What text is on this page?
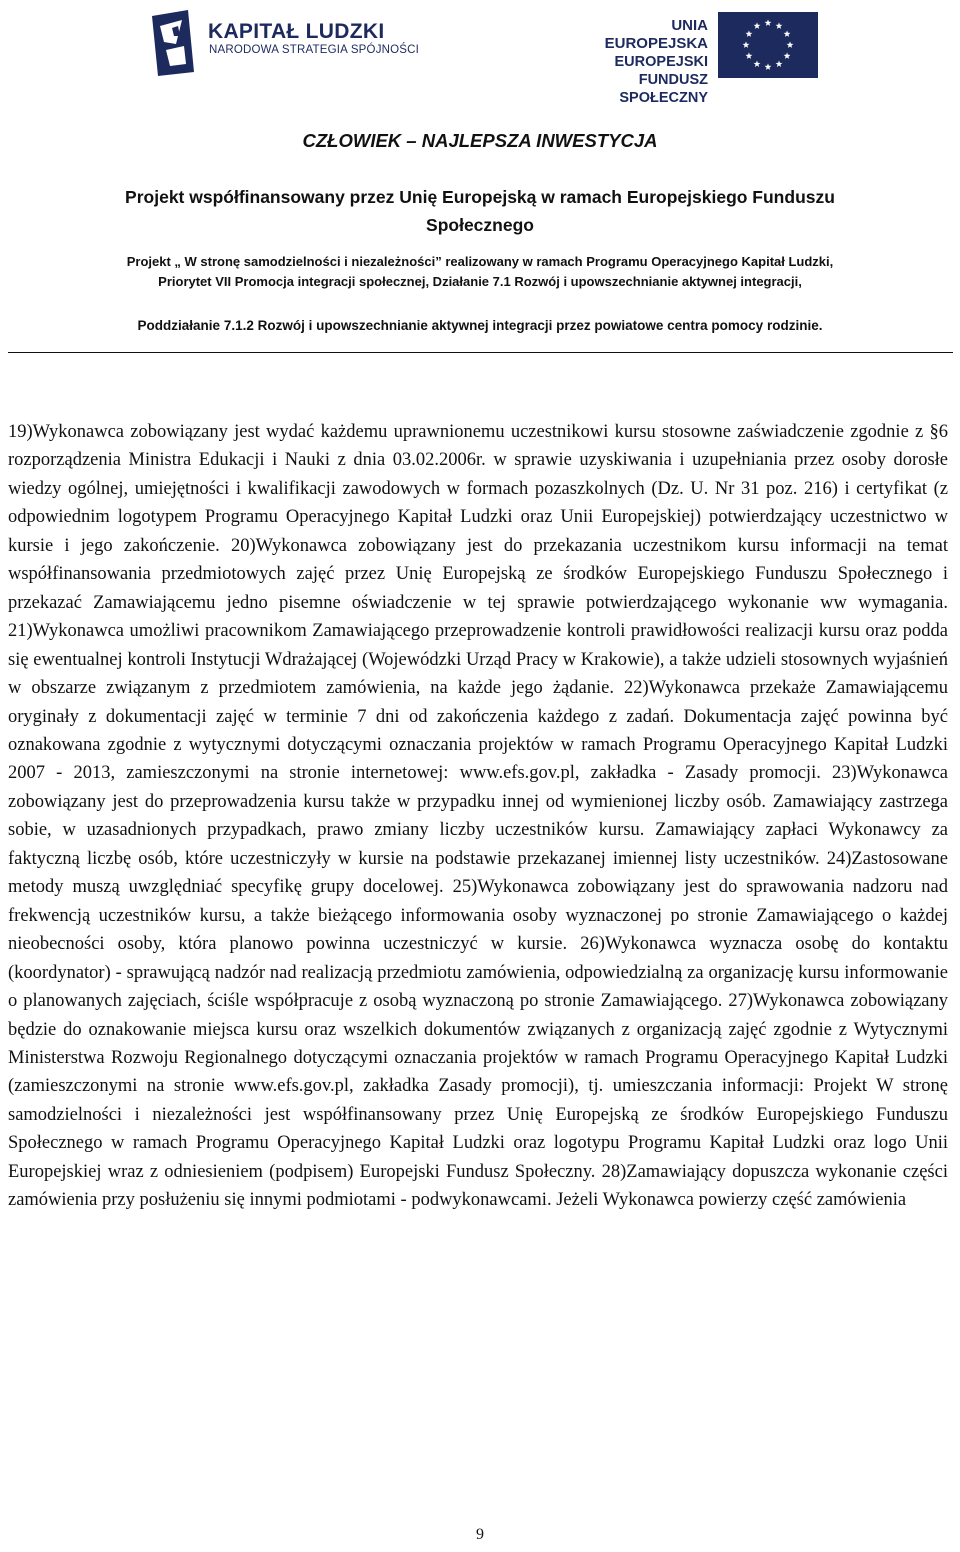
KAPITAŁ LUDZKI
NARODOWA STRATEGIA SPÓJNOŚCI
UNIA EUROPEJSKA
EUROPEJSKI
FUNDUSZ SPOŁECZNY
CZŁOWIEK – NAJLEPSZA INWESTYCJA
Projekt współfinansowany przez Unię Europejską w ramach Europejskiego Funduszu
Społecznego
Projekt „ W stronę samodzielności i niezależności” realizowany w ramach Programu Operacyjnego Kapitał Ludzki,
Priorytet VII Promocja integracji społecznej, Działanie 7.1 Rozwój i upowszechnianie aktywnej integracji,
Poddziałanie 7.1.2 Rozwój i upowszechnianie aktywnej integracji przez powiatowe centra pomocy rodzinie.
19)Wykonawca zobowiązany jest wydać każdemu uprawnionemu uczestnikowi kursu stosowne zaświadczenie zgodnie z §6 rozporządzenia Ministra Edukacji i Nauki z dnia 03.02.2006r. w sprawie uzyskiwania i uzupełniania przez osoby dorosłe wiedzy ogólnej, umiejętności i kwalifikacji zawodowych w formach pozaszkolnych (Dz. U. Nr 31 poz. 216) i certyfikat (z odpowiednim logotypem Programu Operacyjnego Kapitał Ludzki oraz Unii Europejskiej) potwierdzający uczestnictwo w kursie i jego zakończenie. 20)Wykonawca zobowiązany jest do przekazania uczestnikom kursu informacji na temat współfinansowania przedmiotowych zajęć przez Unię Europejską ze środków Europejskiego Funduszu Społecznego i przekazać Zamawiającemu jedno pisemne oświadczenie w tej sprawie potwierdzającego wykonanie ww wymagania. 21)Wykonawca umożliwi pracownikom Zamawiającego przeprowadzenie kontroli prawidłowości realizacji kursu oraz podda się ewentualnej kontroli Instytucji Wdrażającej (Wojewódzki Urząd Pracy w Krakowie), a także udzieli stosownych wyjaśnień w obszarze związanym z przedmiotem zamówienia, na każde jego żądanie. 22)Wykonawca przekaże Zamawiającemu oryginały z dokumentacji zajęć w terminie 7 dni od zakończenia każdego z zadań. Dokumentacja zajęć powinna być oznakowana zgodnie z wytycznymi dotyczącymi oznaczania projektów w ramach Programu Operacyjnego Kapitał Ludzki 2007 - 2013, zamieszczonymi na stronie internetowej: www.efs.gov.pl, zakładka - Zasady promocji. 23)Wykonawca zobowiązany jest do przeprowadzenia kursu także w przypadku innej od wymienionej liczby osób. Zamawiający zastrzega sobie, w uzasadnionych przypadkach, prawo zmiany liczby uczestników kursu. Zamawiający zapłaci Wykonawcy za faktyczną liczbę osób, które uczestniczyły w kursie na podstawie przekazanej imiennej listy uczestników. 24)Zastosowane metody muszą uwzględniać specyfikę grupy docelowej. 25)Wykonawca zobowiązany jest do sprawowania nadzoru nad frekwencją uczestników kursu, a także bieżącego informowania osoby wyznaczonej po stronie Zamawiającego o każdej nieobecności osoby, która planowo powinna uczestniczyć w kursie. 26)Wykonawca wyznacza osobę do kontaktu (koordynator) - sprawującą nadzór nad realizacją przedmiotu zamówienia, odpowiedzialną za organizację kursu informowanie o planowanych zajęciach, ściśle współpracuje z osobą wyznaczoną po stronie Zamawiającego. 27)Wykonawca zobowiązany będzie do oznakowanie miejsca kursu oraz wszelkich dokumentów związanych z organizacją zajęć zgodnie z Wytycznymi Ministerstwa Rozwoju Regionalnego dotyczącymi oznaczania projektów w ramach Programu Operacyjnego Kapitał Ludzki (zamieszczonymi na stronie www.efs.gov.pl, zakładka Zasady promocji), tj. umieszczania informacji: Projekt W stronę samodzielności i niezależności jest współfinansowany przez Unię Europejską ze środków Europejskiego Funduszu Społecznego w ramach Programu Operacyjnego Kapitał Ludzki oraz logotypu Programu Kapitał Ludzki oraz logo Unii Europejskiej wraz z odniesieniem (podpisem) Europejski Fundusz Społeczny. 28)Zamawiający dopuszcza wykonanie części zamówienia przy posłużeniu się innymi podmiotami - podwykonawcami. Jeżeli Wykonawca powierzy część zamówienia
9
